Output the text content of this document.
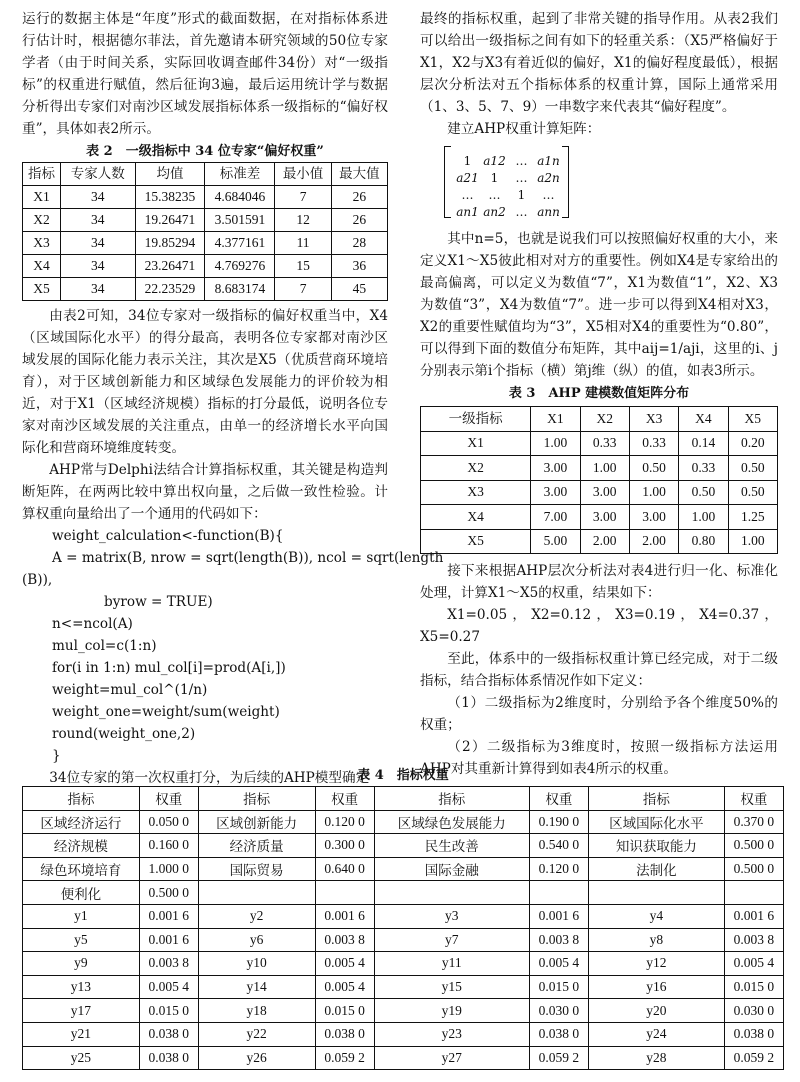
运行的数据主体是“年度”形式的截面数据，在对指标体系进行估计时，根据德尔菲法，首先邀请本研究领域的50位专家学者（由于时间关系，实际回收调查邮件34份）对“一级指标”的权重进行赋值，然后征询3遍，最后运用统计学与数据分析得出专家们对南沙区域发展指标体系一级指标的“偏好权重”，具体如表2所示。

表 2　一级指标中 34 位专家“偏好权重”
指标	专家人数	均值	标准差	最小值	最大值
X1	34	15.38235	4.684046	7	26
X2	34	19.26471	3.501591	12	26
X3	34	19.85294	4.377161	11	28
X4	34	23.26471	4.769276	15	36
X5	34	22.23529	8.683174	7	45

由表2可知，34位专家对一级指标的偏好权重当中，X4（区域国际化水平）的得分最高，表明各位专家都对南沙区域发展的国际化能力表示关注，其次是X5（优质营商环境培育），对于区域创新能力和区域绿色发展能力的评价较为相近，对于X1（区域经济规模）指标的打分最低，说明各位专家对南沙区域发展的关注重点，由单一的经济增长水平向国际化和营商环境维度转变。

AHP常与Delphi法结合计算指标权重，其关键是构造判断矩阵，在两两比较中算出权向量，之后做一致性检验。计算权重向量给出了一个通用的代码如下：

weight_calculation<-function(B){
A = matrix(B, nrow = sqrt(length(B)), ncol = sqrt(length
(B)),
byrow = TRUE)
n<=ncol(A)
mul_col=c(1:n)
for(i in 1:n) mul_col[i]=prod(A[i,])
weight=mul_col^(1/n)
weight_one=weight/sum(weight)
round(weight_one,2)
}

34位专家的第一次权重打分，为后续的AHP模型确定

最终的指标权重，起到了非常关键的指导作用。从表2我们可以给出一级指标之间有如下的轻重关系：（X5严格偏好于X1，X2与X3有着近似的偏好，X1的偏好程度最低），根据层次分析法对五个指标体系的权重计算，国际上通常采用（1、3、5、7、9）一串数字来代表其“偏好程度”。

建立AHP权重计算矩阵：

1 a12 … a1n
a21 1	… a2n
…	…	1	…
an1 an2 … ann

其中n=5，也就是说我们可以按照偏好权重的大小，来定义X1～X5彼此相对对方的重要性。例如X4是专家给出的最高偏离，可以定义为数值“7”，X1为数值“1”，X2、X3为数值“3”，X4为数值“7”。进一步可以得到X4相对X3，X2的重要性赋值均为“3”，X5相对X4的重要性为“0.80”，可以得到下面的数值分布矩阵，其中aij=1/aji，这里的i、j分别表示第i个指标（横）第j维（纵）的值，如表3所示。

表 3　AHP 建模数值矩阵分布
一级指标	X1	X2	X3	X4	X5
X1	1.00	0.33	0.33	0.14	0.20
X2	3.00	1.00	0.50	0.33	0.50
X3	3.00	3.00	1.00	0.50	0.50
X4	7.00	3.00	3.00	1.00	1.25
X5	5.00	2.00	2.00	0.80	1.00

接下来根据AHP层次分析法对表4进行归一化、标准化处理，计算X1～X5的权重，结果如下：

X1=0.05，X2=0.12，X3=0.19，X4=0.37，X5=0.27

至此，体系中的一级指标权重计算已经完成，对于二级指标，结合指标体系情况作如下定义：

（1）二级指标为2维度时，分别给予各个维度50%的权重；

（2）二级指标为3维度时，按照一级指标方法运用AHP对其重新计算得到如表4所示的权重。

表 4　指标权重
指标	权重	指标	权重	指标	权重	指标	权重
区域经济运行	0.050 0	区域创新能力	0.120 0	区域绿色发展能力	0.190 0	区域国际化水平	0.370 0
经济规模	0.160 0	经济质量	0.300 0	民生改善	0.540 0	知识获取能力	0.500 0
绿色环境培育	1.000 0	国际贸易	0.640 0	国际金融	0.120 0	法制化	0.500 0
便利化	0.500 0						
y1	0.001 6	y2	0.001 6	y3	0.001 6	y4	0.001 6
y5	0.001 6	y6	0.003 8	y7	0.003 8	y8	0.003 8
y9	0.003 8	y10	0.005 4	y11	0.005 4	y12	0.005 4
y13	0.005 4	y14	0.005 4	y15	0.015 0	y16	0.015 0
y17	0.015 0	y18	0.015 0	y19	0.030 0	y20	0.030 0
y21	0.038 0	y22	0.038 0	y23	0.038 0	y24	0.038 0
y25	0.038 0	y26	0.059 2	y27	0.059 2	y28	0.059 2
